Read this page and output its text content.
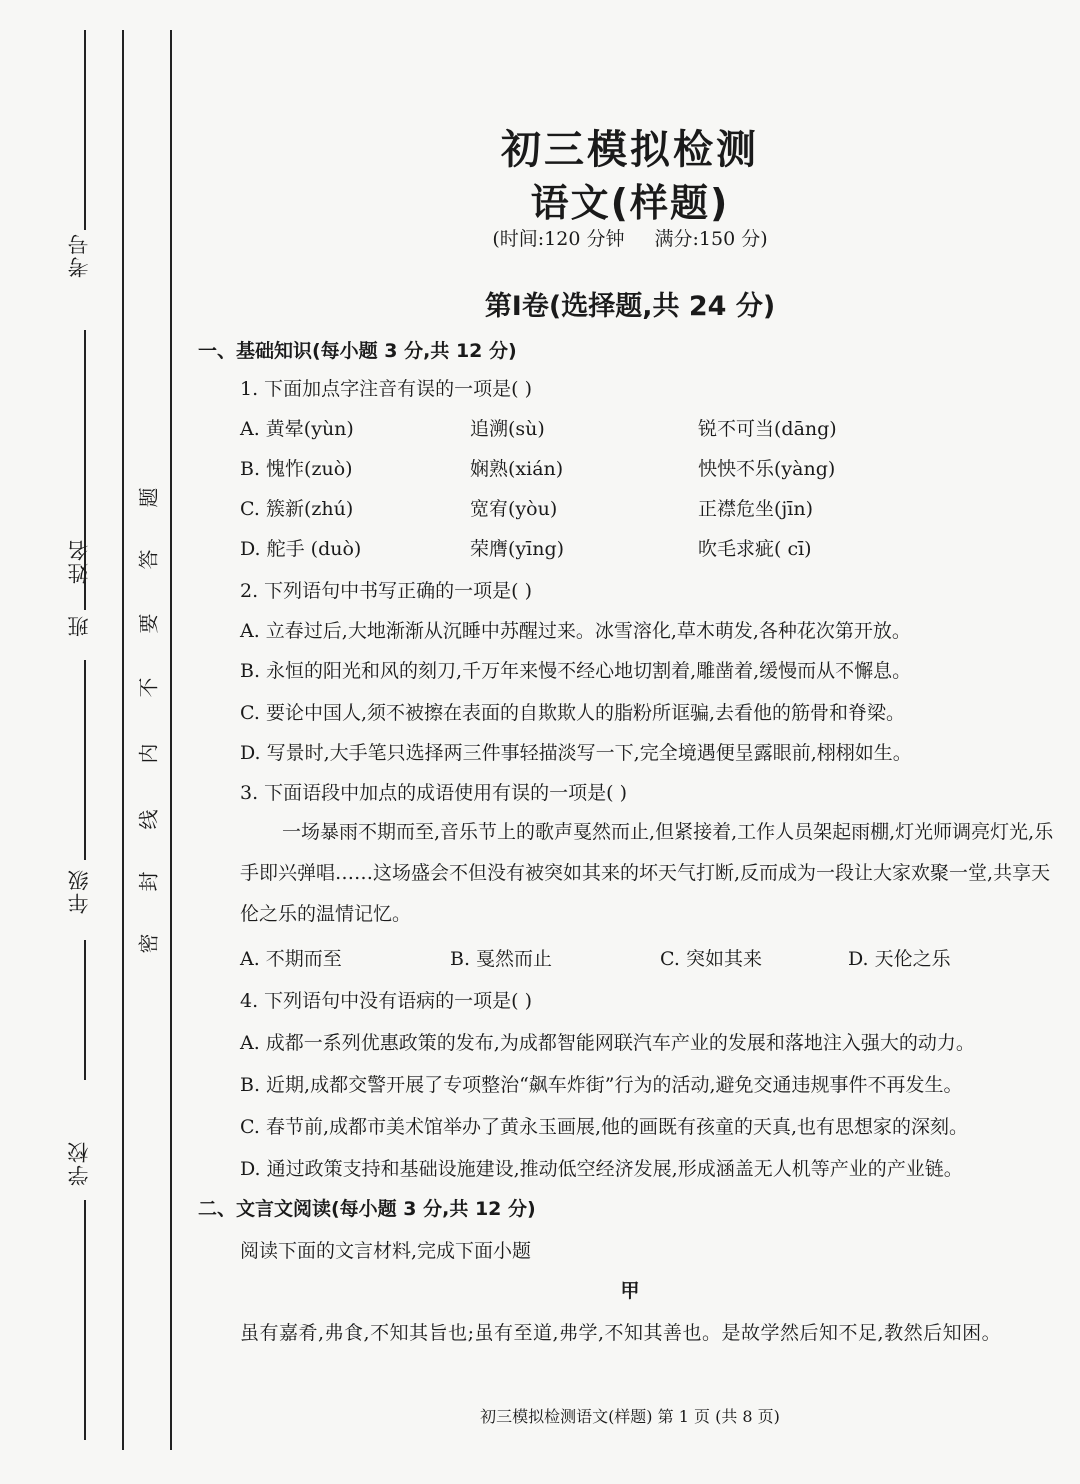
考号
班
姓名
年级
学校
密
封
线
内
不
要
答
题
初三模拟检测
语文(样题)
(时间:120 分钟 满分:150 分)
第Ⅰ卷(选择题,共 24 分)
一、基础知识(每小题 3 分,共 12 分)
1. 下面加点字注音有误的一项是( )
A. 黄晕(yùn)	追溯(sù)	锐不可当(dāng)
B. 愧怍(zuò)	娴熟(xián)	怏怏不乐(yàng)
C. 簇新(zhú)	宽宥(yòu)	正襟危坐(jīn)
D. 舵手 (duò)	荣膺(yīng)	吹毛求疵( cī)
2. 下列语句中书写正确的一项是( )
A. 立春过后,大地渐渐从沉睡中苏醒过来。冰雪溶化,草木萌发,各种花次第开放。
B. 永恒的阳光和风的刻刀,千万年来慢不经心地切割着,雕凿着,缓慢而从不懈息。
C. 要论中国人,须不被擦在表面的自欺欺人的脂粉所诓骗,去看他的筋骨和脊梁。
D. 写景时,大手笔只选择两三件事轻描淡写一下,完全境遇便呈露眼前,栩栩如生。
3. 下面语段中加点的成语使用有误的一项是( )
一场暴雨不期而至,音乐节上的歌声戛然而止,但紧接着,工作人员架起雨棚,灯光师调亮灯光,乐手即兴弹唱……这场盛会不但没有被突如其来的坏天气打断,反而成为一段让大家欢聚一堂,共享天伦之乐的温情记忆。
A. 不期而至	B. 戛然而止	C. 突如其来	D. 天伦之乐
4. 下列语句中没有语病的一项是( )
A. 成都一系列优惠政策的发布,为成都智能网联汽车产业的发展和落地注入强大的动力。
B. 近期,成都交警开展了专项整治“飙车炸街”行为的活动,避免交通违规事件不再发生。
C. 春节前,成都市美术馆举办了黄永玉画展,他的画既有孩童的天真,也有思想家的深刻。
D. 通过政策支持和基础设施建设,推动低空经济发展,形成涵盖无人机等产业的产业链。
二、文言文阅读(每小题 3 分,共 12 分)
阅读下面的文言材料,完成下面小题
甲
虽有嘉肴,弗食,不知其旨也;虽有至道,弗学,不知其善也。是故学然后知不足,教然后知困。
初三模拟检测语文(样题) 第 1 页 (共 8 页)
